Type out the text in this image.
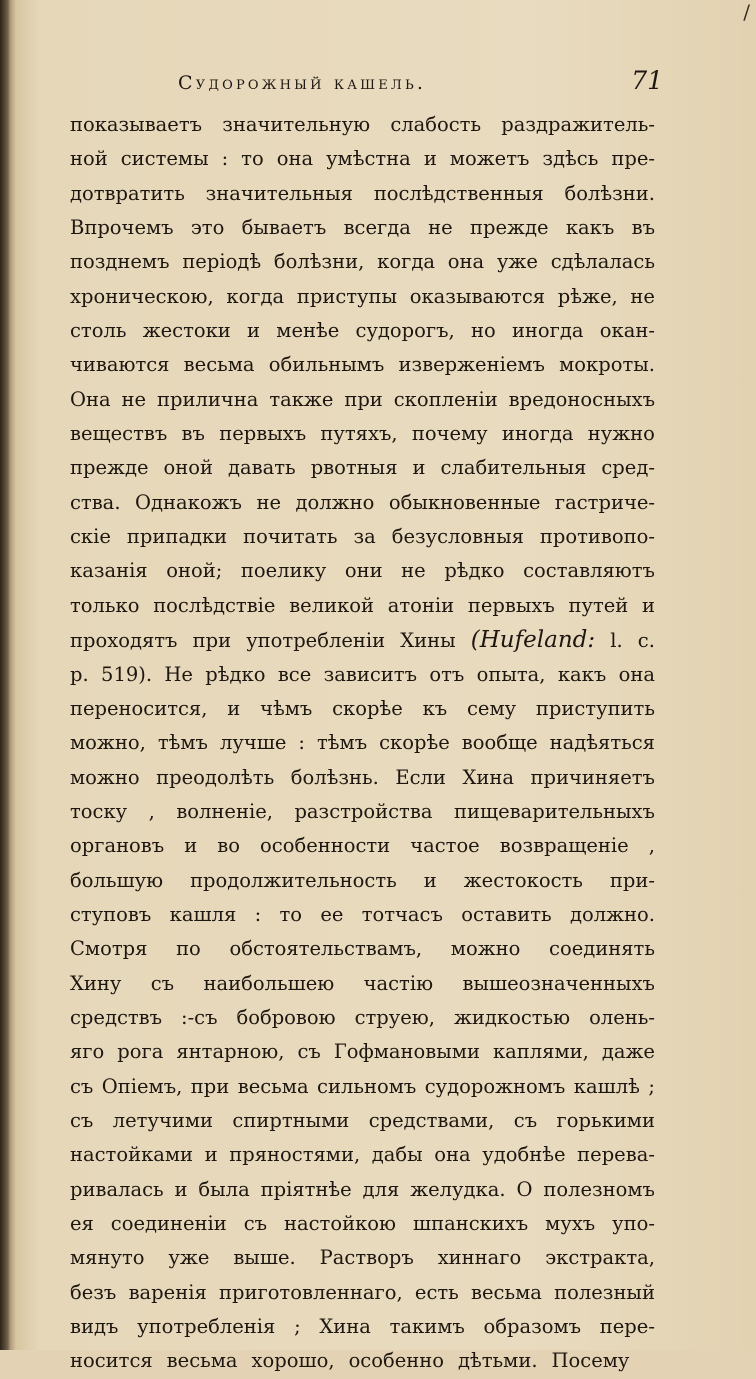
/
Судорожный кашель.	71
показываетъ значительную слабость раздражитель-
ной системы : то она умѣстна и можетъ здѣсь пре-
дотвратить значительныя послѣдственныя болѣзни.
Впрочемъ это бываетъ всегда не прежде какъ въ
позднемъ періодѣ болѣзни, когда она уже сдѣлалась
хроническою, когда приступы оказываются рѣже, не
столь жестоки и менѣе судорогъ, но иногда окан-
чиваются весьма обильнымъ изверженіемъ мокроты.
Она не прилична также при скопленіи вредоносныхъ
веществъ въ первыхъ путяхъ, почему иногда нужно
прежде оной давать рвотныя и слабительныя сред-
ства. Однакожъ не должно обыкновенные гастриче-
скіе припадки почитать за безусловныя противопо-
казанія оной; поелику они не рѣдко составляютъ
только послѣдствіе великой атоніи первыхъ путей и
проходятъ при употребленіи Хины (Hufeland: l. c.
p. 519). Не рѣдко все зависитъ отъ опыта, какъ она
переносится, и чѣмъ скорѣе къ сему приступить
можно, тѣмъ лучше : тѣмъ скорѣе вообще надѣяться
можно преодолѣть болѣзнь. Если Хина причиняетъ
тоску , волненіе, разстройства пищеварительныхъ
органовъ и во особенности частое возвращеніе ,
большую продолжительность и жестокость при-
ступовъ кашля : то ее тотчасъ оставить должно.
Смотря по обстоятельствамъ, можно соединять
Хину съ наибольшею частію вышеозначенныхъ
средствъ :-съ бобровою струею, жидкостью олень-
яго рога янтарною, съ Гофмановыми каплями, даже
съ Опіемъ, при весьма сильномъ судорожномъ кашлѣ ;
съ летучими спиртными средствами, съ горькими
настойками и пряностями, дабы она удобнѣе перева-
ривалась и была пріятнѣе для желудка. О полезномъ
ея соединеніи съ настойкою шпанскихъ мухъ упо-
мянуто уже выше. Растворъ хиннаго экстракта,
безъ варенія приготовленнаго, есть весьма полезный
видъ употребленія ; Хина такимъ образомъ пере-
носится весьма хорошо, особенно дѣтьми. Посему
